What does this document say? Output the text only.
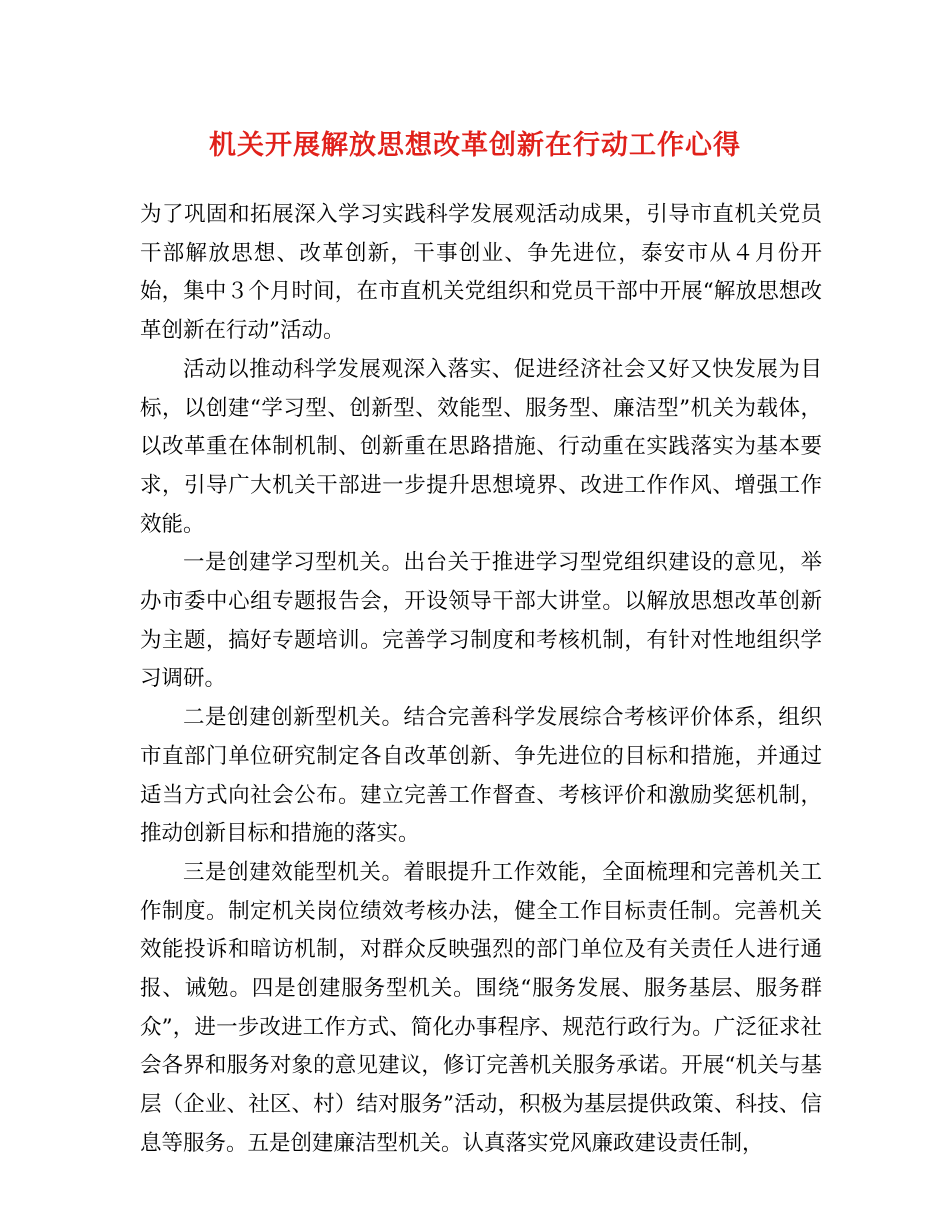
机关开展解放思想改革创新在行动工作心得

为了巩固和拓展深入学习实践科学发展观活动成果，引导市直机关党员干部解放思想、改革创新，干事创业、争先进位，泰安市从４月份开始，集中３个月时间，在市直机关党组织和党员干部中开展“解放思想改革创新在行动”活动。

活动以推动科学发展观深入落实、促进经济社会又好又快发展为目标，以创建“学习型、创新型、效能型、服务型、廉洁型”机关为载体，以改革重在体制机制、创新重在思路措施、行动重在实践落实为基本要求，引导广大机关干部进一步提升思想境界、改进工作作风、增强工作效能。

一是创建学习型机关。出台关于推进学习型党组织建设的意见，举办市委中心组专题报告会，开设领导干部大讲堂。以解放思想改革创新为主题，搞好专题培训。完善学习制度和考核机制，有针对性地组织学习调研。

二是创建创新型机关。结合完善科学发展综合考核评价体系，组织市直部门单位研究制定各自改革创新、争先进位的目标和措施，并通过适当方式向社会公布。建立完善工作督查、考核评价和激励奖惩机制，推动创新目标和措施的落实。

三是创建效能型机关。着眼提升工作效能，全面梳理和完善机关工作制度。制定机关岗位绩效考核办法，健全工作目标责任制。完善机关效能投诉和暗访机制，对群众反映强烈的部门单位及有关责任人进行通报、诫勉。四是创建服务型机关。围绕“服务发展、服务基层、服务群众”，进一步改进工作方式、简化办事程序、规范行政行为。广泛征求社会各界和服务对象的意见建议，修订完善机关服务承诺。开展“机关与基层（企业、社区、村）结对服务”活动，积极为基层提供政策、科技、信息等服务。五是创建廉洁型机关。认真落实党风廉政建设责任制，
